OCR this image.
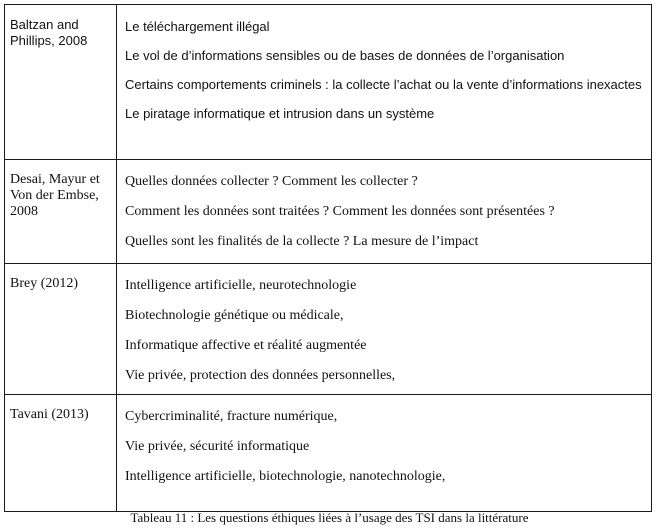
Baltzan and Phillips, 2008
Le téléchargement illégal
Le vol de d’informations sensibles ou de bases de données de l’organisation
Certains comportements criminels : la collecte l’achat ou la vente d’informations inexactes
Le piratage informatique et intrusion dans un système
Desai, Mayur et Von der Embse, 2008
Quelles données collecter ? Comment les collecter ?
Comment les données sont traitées ? Comment les données sont présentées ?
Quelles sont les finalités de la collecte ? La mesure de l’impact
Brey (2012)	Intelligence artificielle, neurotechnologie
Biotechnologie génétique ou médicale,
Informatique affective et réalité augmentée
Vie privée, protection des données personnelles,
Tavani (2013)	Cybercriminalité, fracture numérique,
Vie privée, sécurité informatique
Intelligence artificielle, biotechnologie, nanotechnologie,
Tableau 11 : Les questions éthiques liées à l’usage des TSI dans la littérature
